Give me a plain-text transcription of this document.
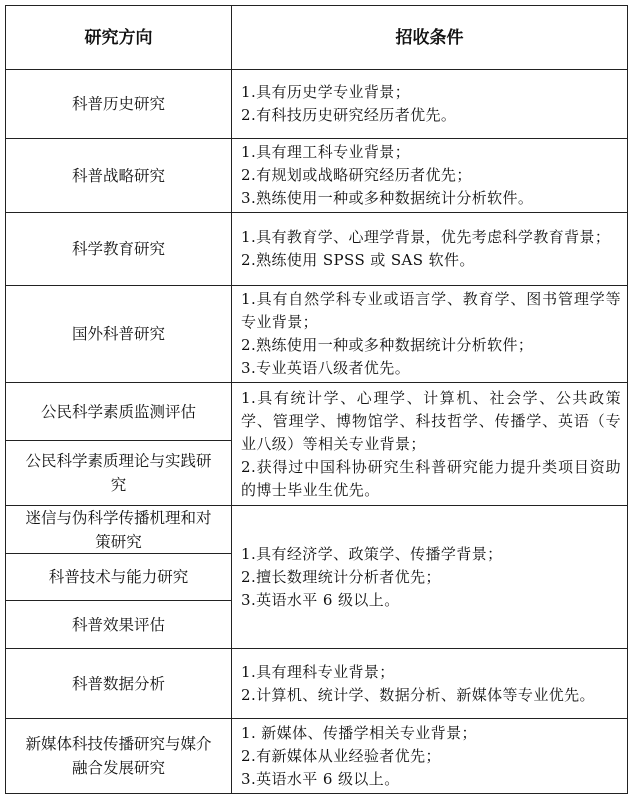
研究方向	招收条件
科普历史研究
1.具有历史学专业背景；
2.有科技历史研究经历者优先。
科普战略研究
1.具有理工科专业背景；
2.有规划或战略研究经历者优先；
3.熟练使用一种或多种数据统计分析软件。
科学教育研究
1.具有教育学、心理学背景，优先考虑科学教育背景；
2.熟练使用 SPSS 或 SAS 软件。
国外科普研究
1.具有自然学科专业或语言学、教育学、图书管理学等专业背景；
2.熟练使用一种或多种数据统计分析软件；
3.专业英语八级者优先。
公民科学素质监测评估
公民科学素质理论与实践研究
1.具有统计学、心理学、计算机、社会学、公共政策学、管理学、博物馆学、科技哲学、传播学、英语（专业八级）等相关专业背景；
2.获得过中国科协研究生科普研究能力提升类项目资助的博士毕业生优先。
迷信与伪科学传播机理和对策研究
科普技术与能力研究
科普效果评估
1.具有经济学、政策学、传播学背景；
2.擅长数理统计分析者优先；
3.英语水平 6 级以上。
科普数据分析
1.具有理科专业背景；
2.计算机、统计学、数据分析、新媒体等专业优先。
新媒体科技传播研究与媒介融合发展研究
1. 新媒体、传播学相关专业背景；
2.有新媒体从业经验者优先；
3.英语水平 6 级以上。
